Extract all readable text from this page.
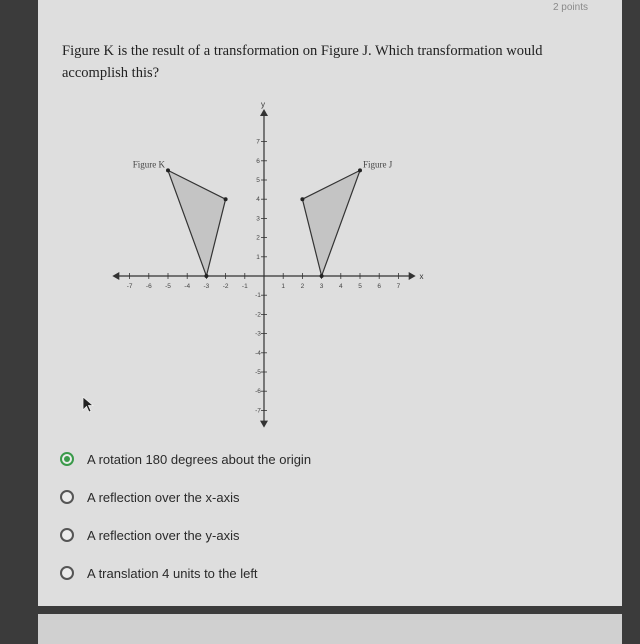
2 points
Figure K is the result of a transformation on Figure J. Which transformation would accomplish this?
x
y
-7 -6 -5 -4 -3 -2 -1	1 2 3 4 5 6 7
7
6
5
4
3
2
1
-1
-2
-3
-4
-5
-6
-7
Figure K	Figure J
A rotation 180 degrees about the origin
A reflection over the x-axis
A reflection over the y-axis
A translation 4 units to the left
